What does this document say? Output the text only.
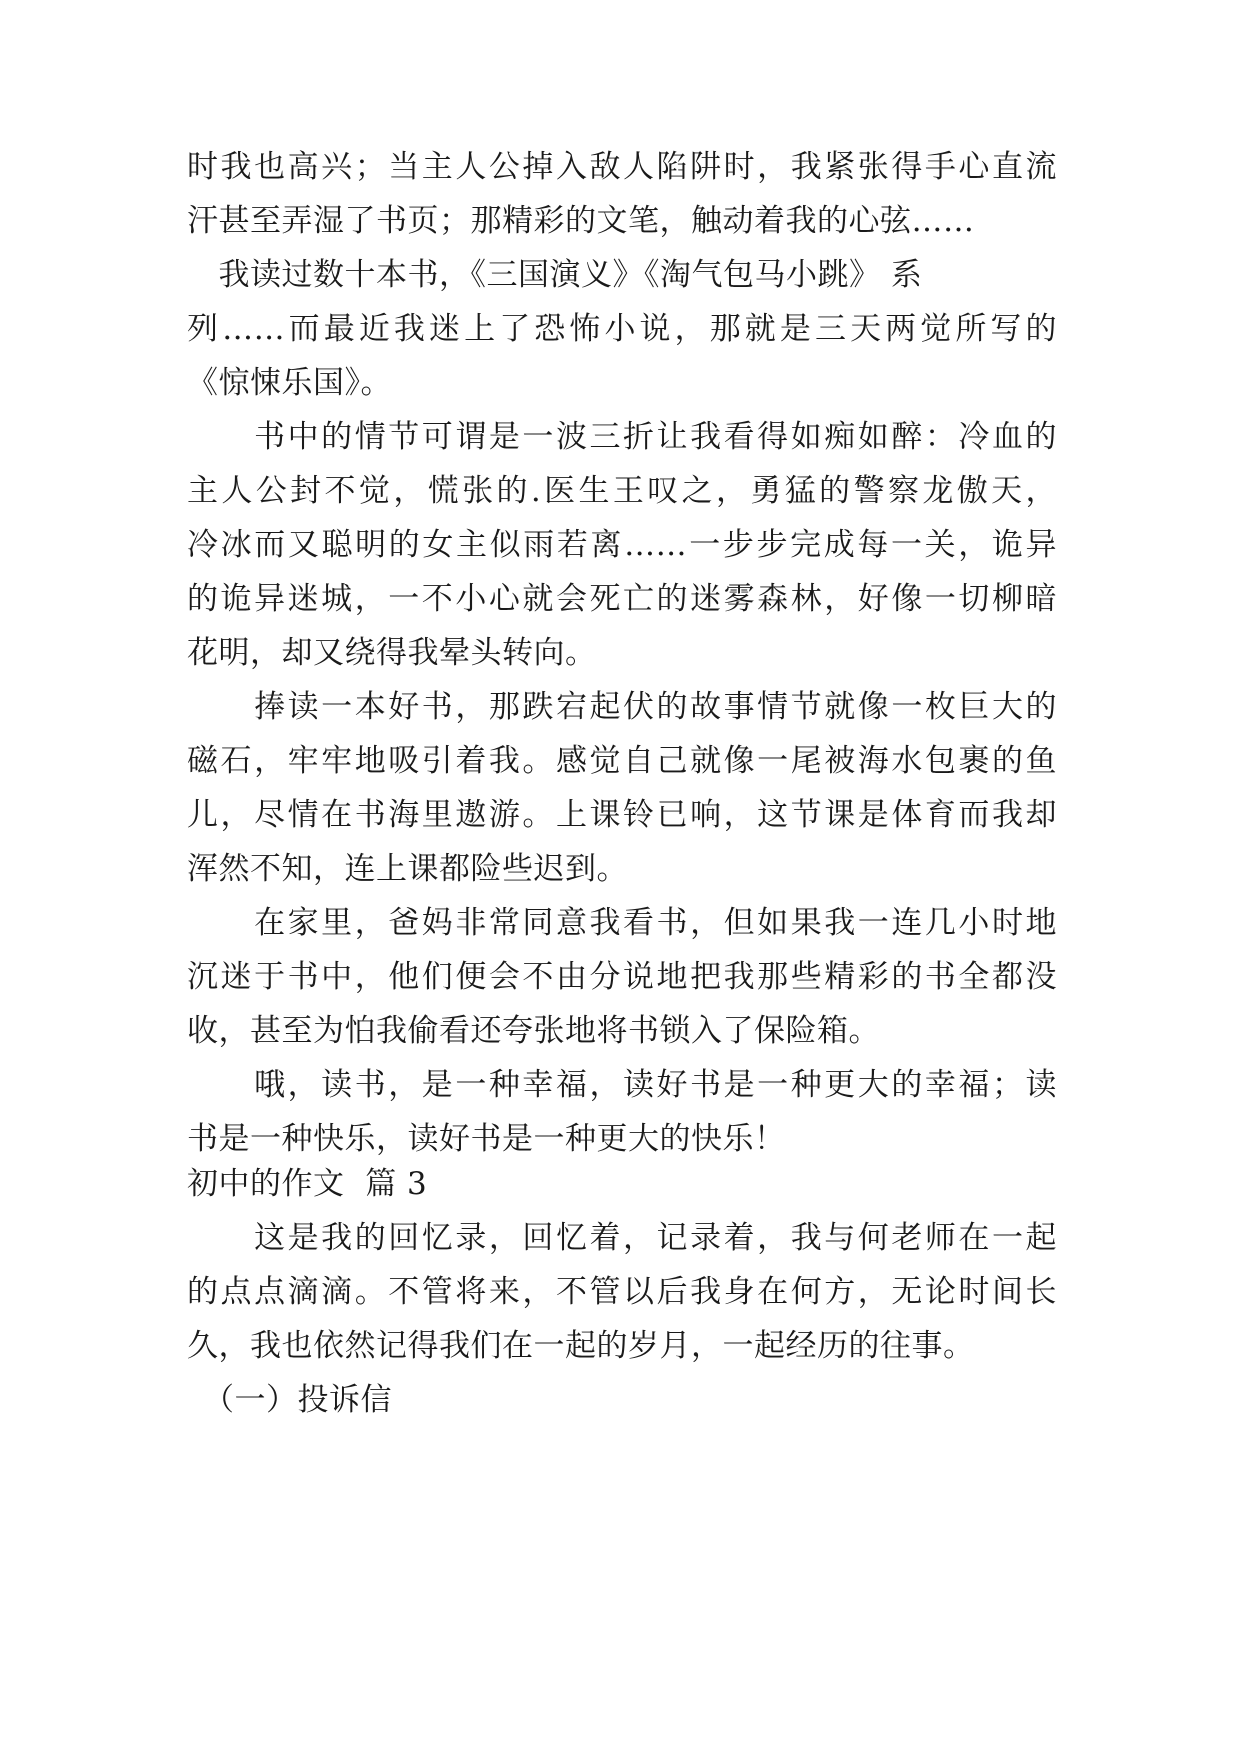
时我也高兴；当主人公掉入敌人陷阱时，我紧张得手心直流
汗甚至弄湿了书页；那精彩的文笔，触动着我的心弦……
　我读过数十本书，《三国演义》《淘气包马小跳》 系
列……而最近我迷上了恐怖小说，那就是三天两觉所写的
《惊悚乐国》。
　　书中的情节可谓是一波三折让我看得如痴如醉：冷血的
主人公封不觉，慌张的.医生王叹之，勇猛的警察龙傲天，
冷冰而又聪明的女主似雨若离……一步步完成每一关，诡异
的诡异迷城，一不小心就会死亡的迷雾森林，好像一切柳暗
花明，却又绕得我晕头转向。
　　捧读一本好书，那跌宕起伏的故事情节就像一枚巨大的
磁石，牢牢地吸引着我。感觉自己就像一尾被海水包裹的鱼
儿，尽情在书海里遨游。上课铃已响，这节课是体育而我却
浑然不知，连上课都险些迟到。
　　在家里，爸妈非常同意我看书，但如果我一连几小时地
沉迷于书中，他们便会不由分说地把我那些精彩的书全都没
收，甚至为怕我偷看还夸张地将书锁入了保险箱。
　　哦，读书，是一种幸福，读好书是一种更大的幸福；读
书是一种快乐，读好书是一种更大的快乐！
初中的作文  篇 3
　　这是我的回忆录，回忆着，记录着，我与何老师在一起
的点点滴滴。不管将来，不管以后我身在何方，无论时间长
久，我也依然记得我们在一起的岁月，一起经历的往事。
　（一）投诉信
